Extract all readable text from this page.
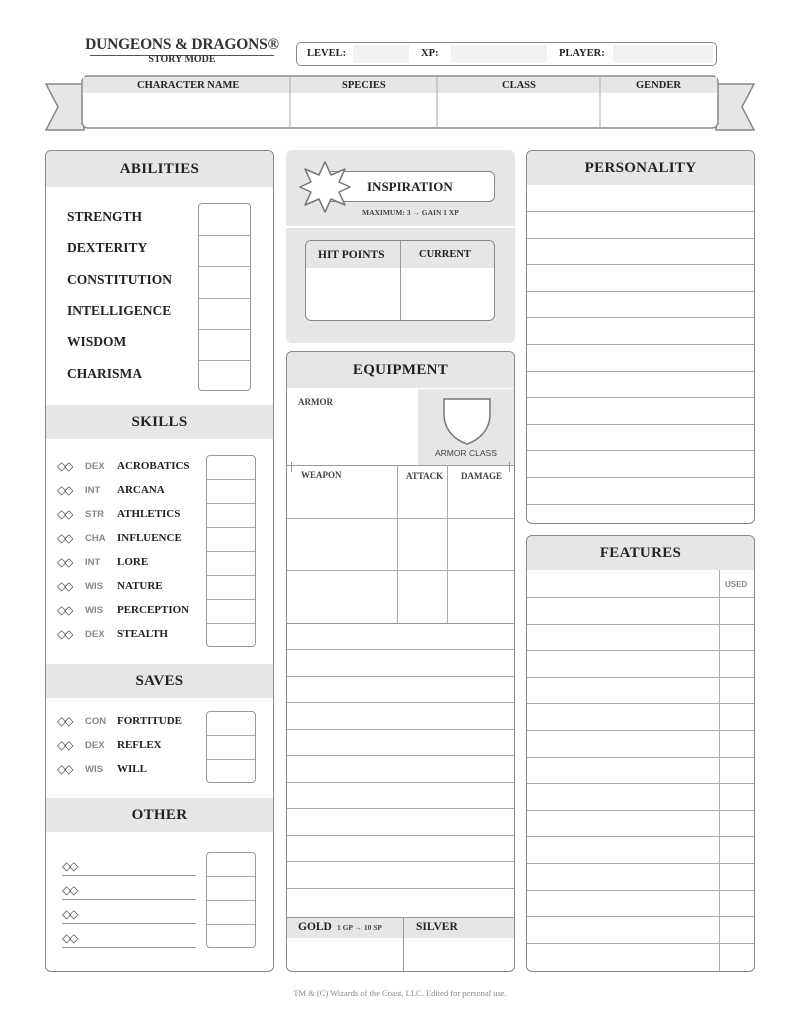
DUNGEONS & DRAGONS®
STORY MODE
LEVEL:	XP:	PLAYER:
CHARACTER NAME	SPECIES	CLASS	GENDER
ABILITIES
STRENGTH
DEXTERITY
CONSTITUTION
INTELLIGENCE
WISDOM
CHARISMA
SKILLS
◇◇ DEX ACROBATICS
◇◇ INT ARCANA
◇◇ STR ATHLETICS
◇◇ CHA INFLUENCE
◇◇ INT LORE
◇◇ WIS NATURE
◇◇ WIS PERCEPTION
◇◇ DEX STEALTH
SAVES
◇◇ CON FORTITUDE
◇◇ DEX REFLEX
◇◇ WIS WILL
OTHER
◇◇
◇◇
◇◇
◇◇
INSPIRATION
MAXIMUM: 3 → GAIN 1 XP
HIT POINTS	CURRENT
EQUIPMENT
ARMOR
ARMOR CLASS
WEAPON	ATTACK DAMAGE
GOLD 1 GP → 10 SP	SILVER
PERSONALITY
FEATURES
USED
TM & (C) Wizards of the Coast, LLC. Edited for personal use.
